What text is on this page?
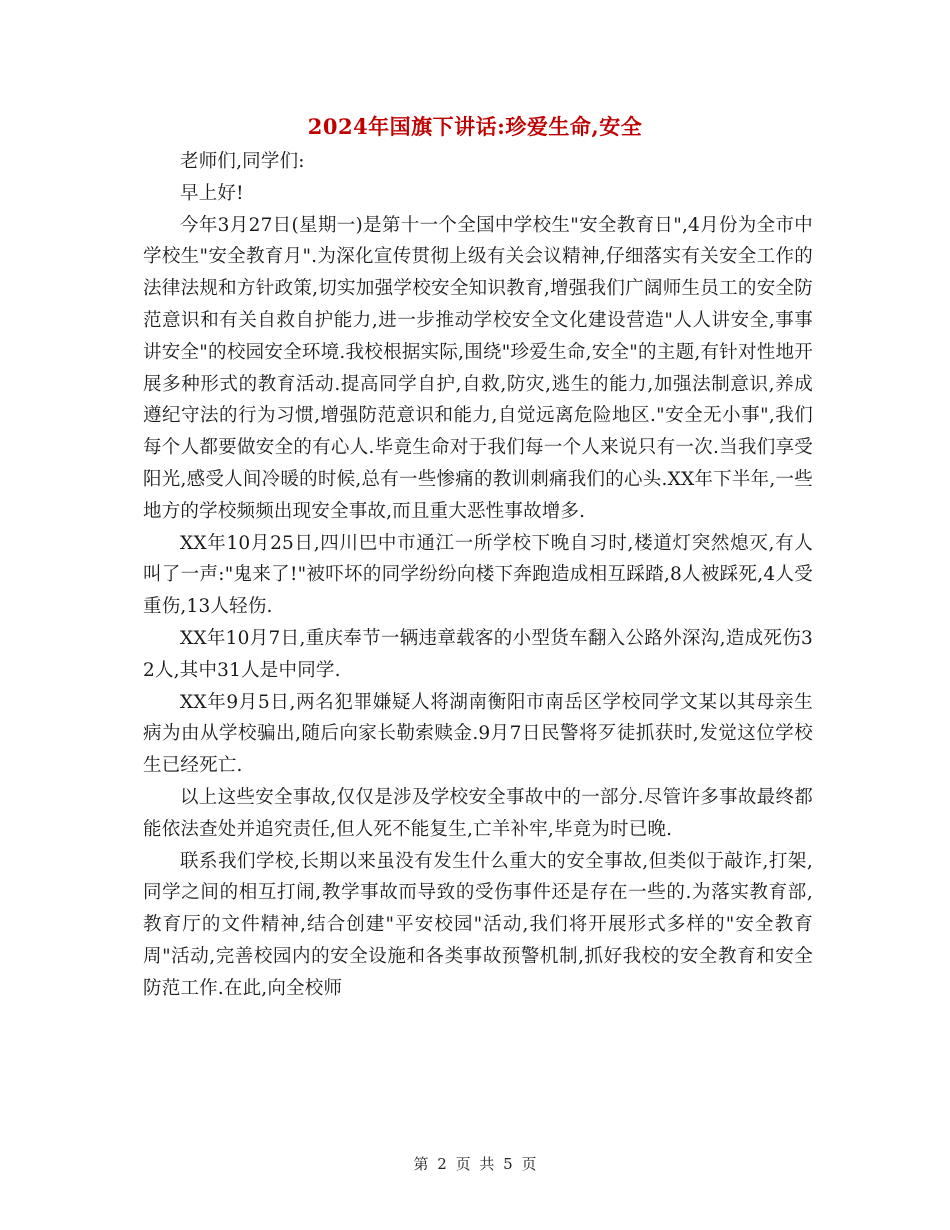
2024年国旗下讲话:珍爱生命,安全

老师们,同学们:

早上好!

今年3月27日(星期一)是第十一个全国中学校生"安全教育日",4月份为全市中学校生"安全教育月".为深化宣传贯彻上级有关会议精神,仔细落实有关安全工作的法律法规和方针政策,切实加强学校安全知识教育,增强我们广阔师生员工的安全防范意识和有关自救自护能力,进一步推动学校安全文化建设营造"人人讲安全,事事讲安全"的校园安全环境.我校根据实际,围绕"珍爱生命,安全"的主题,有针对性地开展多种形式的教育活动.提高同学自护,自救,防灾,逃生的能力,加强法制意识,养成遵纪守法的行为习惯,增强防范意识和能力,自觉远离危险地区."安全无小事",我们每个人都要做安全的有心人.毕竟生命对于我们每一个人来说只有一次.当我们享受阳光,感受人间冷暖的时候,总有一些惨痛的教训刺痛我们的心头.XX年下半年,一些地方的学校频频出现安全事故,而且重大恶性事故增多.

XX年10月25日,四川巴中市通江一所学校下晚自习时,楼道灯突然熄灭,有人叫了一声:"鬼来了!"被吓坏的同学纷纷向楼下奔跑造成相互踩踏,8人被踩死,4人受重伤,13人轻伤.

XX年10月7日,重庆奉节一辆违章载客的小型货车翻入公路外深沟,造成死伤32人,其中31人是中同学.

XX年9月5日,两名犯罪嫌疑人将湖南衡阳市南岳区学校同学文某以其母亲生病为由从学校骗出,随后向家长勒索赎金.9月7日民警将歹徒抓获时,发觉这位学校生已经死亡.

以上这些安全事故,仅仅是涉及学校安全事故中的一部分.尽管许多事故最终都能依法查处并追究责任,但人死不能复生,亡羊补牢,毕竟为时已晚.

联系我们学校,长期以来虽没有发生什么重大的安全事故,但类似于敲诈,打架,同学之间的相互打闹,教学事故而导致的受伤事件还是存在一些的.为落实教育部,教育厅的文件精神,结合创建"平安校园"活动,我们将开展形式多样的"安全教育周"活动,完善校园内的安全设施和各类事故预警机制,抓好我校的安全教育和安全防范工作.在此,向全校师

第 2 页 共 5 页
